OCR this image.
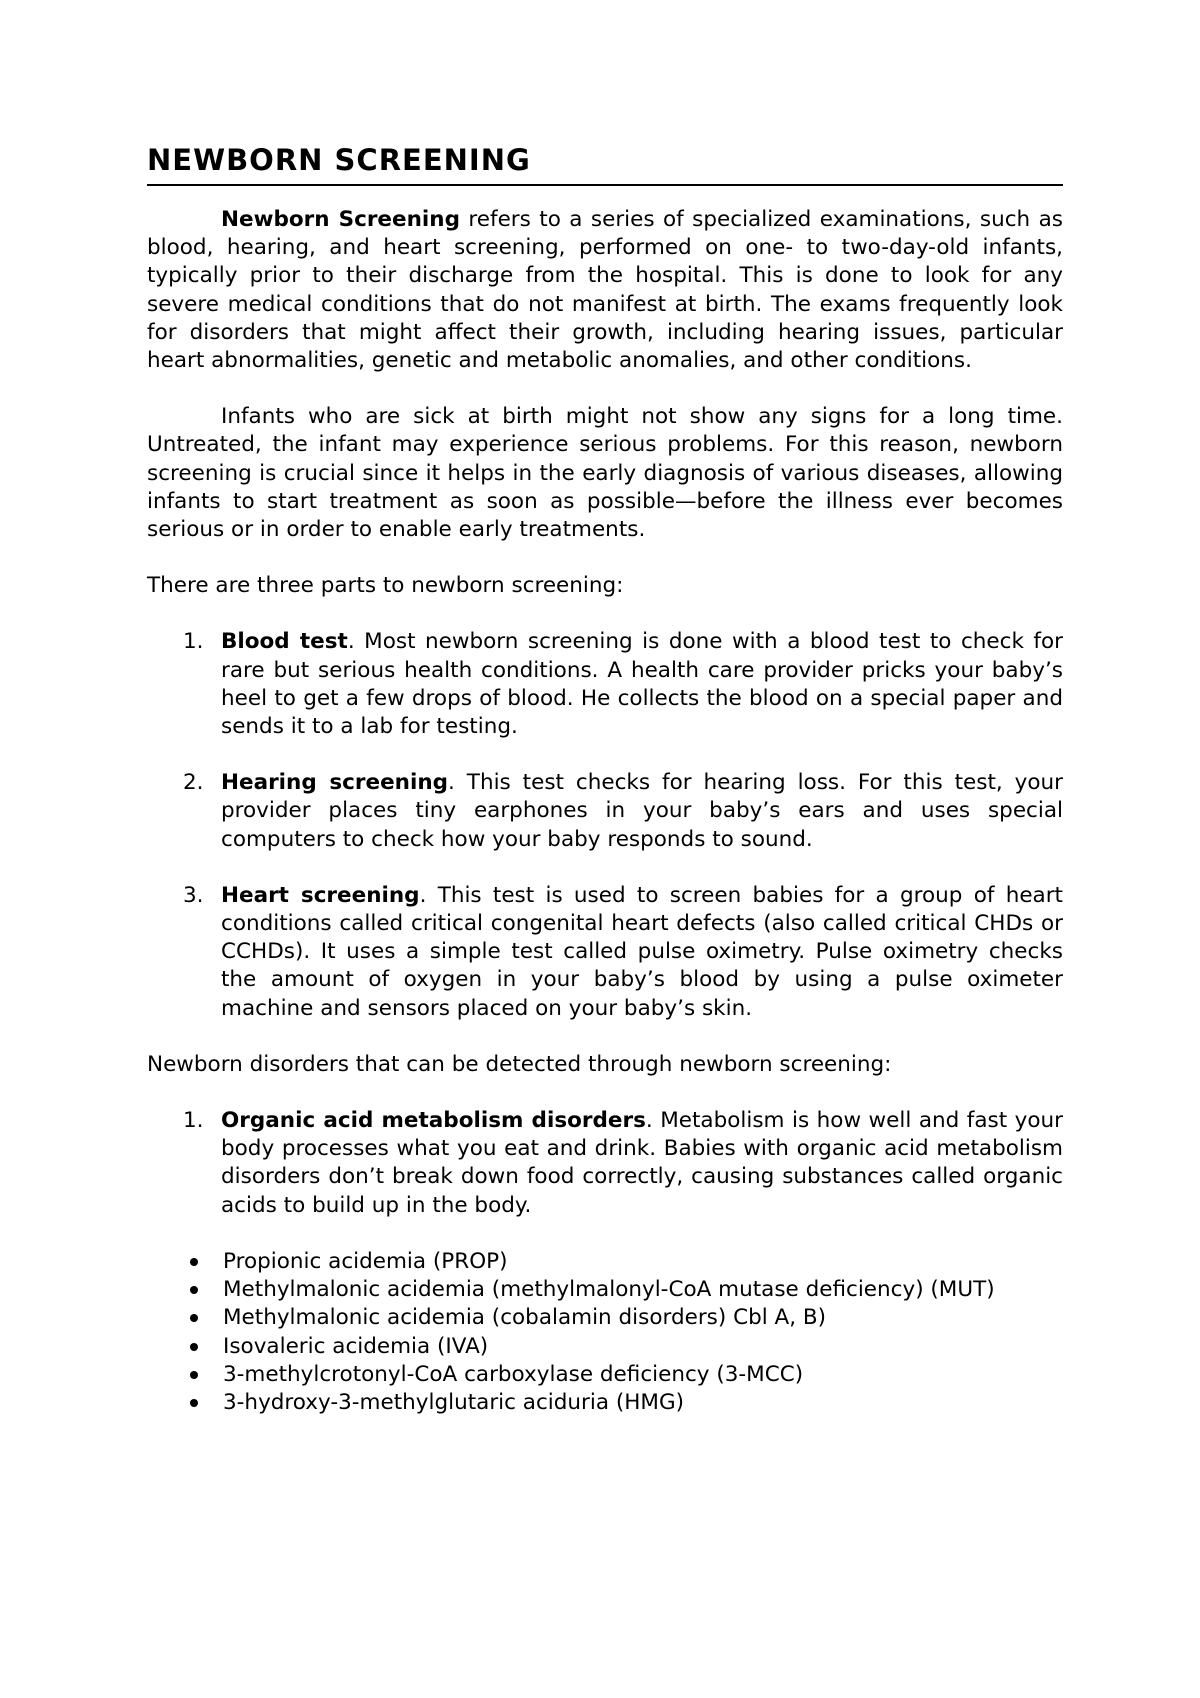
NEWBORN SCREENING

Newborn Screening refers to a series of specialized examinations, such as blood, hearing, and heart screening, performed on one- to two-day-old infants, typically prior to their discharge from the hospital. This is done to look for any severe medical conditions that do not manifest at birth. The exams frequently look for disorders that might affect their growth, including hearing issues, particular heart abnormalities, genetic and metabolic anomalies, and other conditions.

Infants who are sick at birth might not show any signs for a long time. Untreated, the infant may experience serious problems. For this reason, newborn screening is crucial since it helps in the early diagnosis of various diseases, allowing infants to start treatment as soon as possible—before the illness ever becomes serious or in order to enable early treatments.

There are three parts to newborn screening:

1. Blood test. Most newborn screening is done with a blood test to check for rare but serious health conditions. A health care provider pricks your baby’s heel to get a few drops of blood. He collects the blood on a special paper and sends it to a lab for testing.
2. Hearing screening. This test checks for hearing loss. For this test, your provider places tiny earphones in your baby’s ears and uses special computers to check how your baby responds to sound.
3. Heart screening. This test is used to screen babies for a group of heart conditions called critical congenital heart defects (also called critical CHDs or CCHDs). It uses a simple test called pulse oximetry. Pulse oximetry checks the amount of oxygen in your baby’s blood by using a pulse oximeter machine and sensors placed on your baby’s skin.

Newborn disorders that can be detected through newborn screening:

1. Organic acid metabolism disorders. Metabolism is how well and fast your body processes what you eat and drink. Babies with organic acid metabolism disorders don’t break down food correctly, causing substances called organic acids to build up in the body.
Propionic acidemia (PROP)
Methylmalonic acidemia (methylmalonyl-CoA mutase deficiency) (MUT)
Methylmalonic acidemia (cobalamin disorders) Cbl A, B)
Isovaleric acidemia (IVA)
3-methylcrotonyl-CoA carboxylase deficiency (3-MCC)
3-hydroxy-3-methylglutaric aciduria (HMG)
